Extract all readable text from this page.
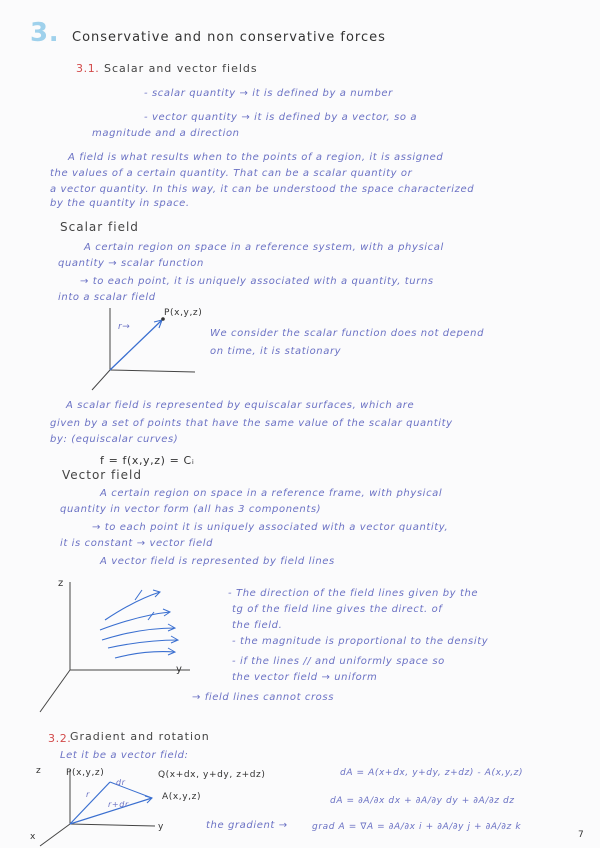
3. Conservative and non conservative forces
3.1. Scalar and vector fields
- scalar quantity → it is defined by a number
- vector quantity → it is defined by a vector, so a
magnitude and a direction
A field is what results when to the points of a region, it is assigned
the values of a certain quantity. That can be a scalar quantity or
a vector quantity. In this way, it can be understood the space characterized
by the quantity in space.
Scalar field
A certain region on space in a reference system, with a physical
quantity → scalar function
→ to each point, it is uniquely associated with a quantity, turns
into a scalar field
P(x,y,z)
r→
We consider the scalar function does not depend
on time, it is stationary
A scalar field is represented by equiscalar surfaces, which are
given by a set of points that have the same value of the scalar quantity
by: (equiscalar curves)
f = f(x,y,z) = Cᵢ
Vector field
A certain region on space in a reference frame, with physical
quantity in vector form (all has 3 components)
→ to each point it is uniquely associated with a vector quantity,
it is constant → vector field
A vector field is represented by field lines
z
y
- The direction of the field lines given by the
tg of the field line gives the direct. of
the field.
- the magnitude is proportional to the density
- if the lines // and uniformly space so
the vector field → uniform
→ field lines cannot cross
3.2.
Gradient and rotation
Let it be a vector field:
P(x,y,z)	Q(x+dx, y+dy, z+dz)
A(x,y,z)
r+dr
r
dr
y
x
z	dA = A(x+dx, y+dy, z+dz) - A(x,y,z)
dA = ∂A/∂x dx + ∂A/∂y dy + ∂A/∂z dz
the gradient →	grad A = ∇A = ∂A/∂x i + ∂A/∂y j + ∂A/∂z k
7
